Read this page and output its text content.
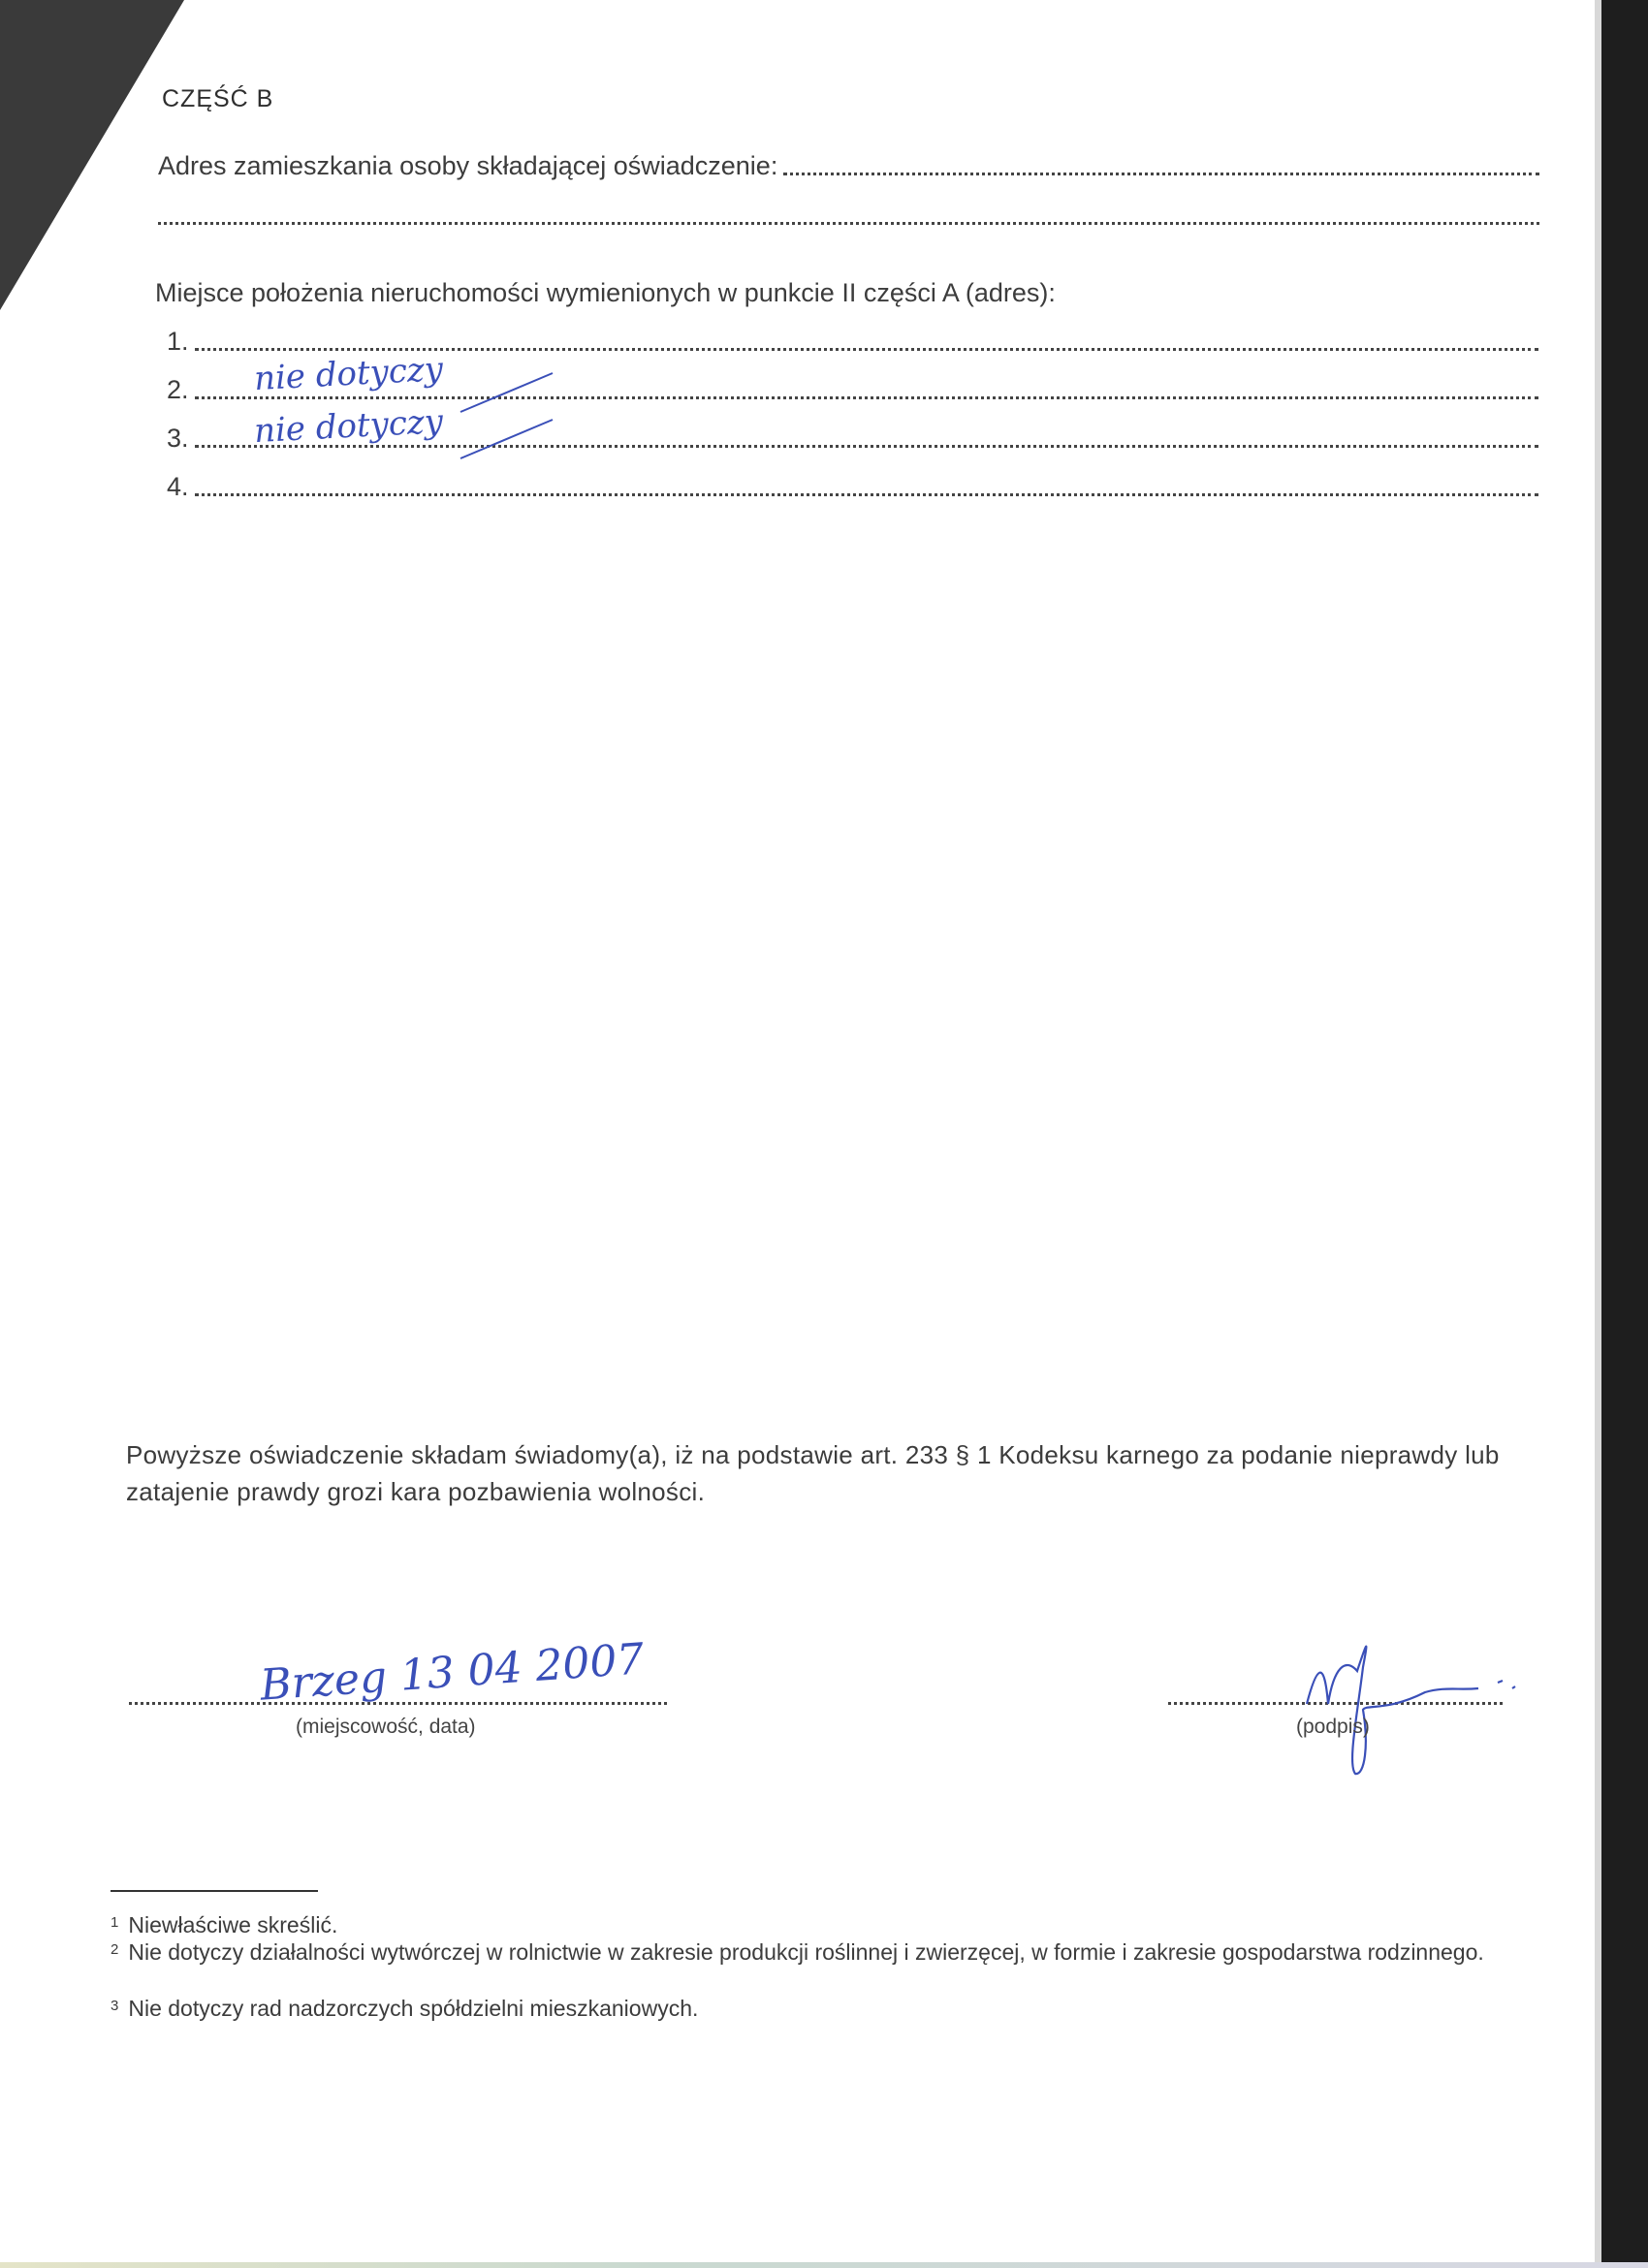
CZĘŚĆ B
Adres zamieszkania osoby składającej oświadczenie:
Miejsce położenia nieruchomości wymienionych w punkcie II części A (adres):
1.
2.
3.
4.
nie dotyczy
nie dotyczy
Powyższe oświadczenie składam świadomy(a), iż na podstawie art. 233 § 1 Kodeksu karnego za podanie nieprawdy lub zatajenie prawdy grozi kara pozbawienia wolności.
Brzeg 13 04 2007
(miejscowość, data)	(podpis)
$^1$ Niewłaściwe skreślić.
$^2$ Nie dotyczy działalności wytwórczej w rolnictwie w zakresie produkcji roślinnej i zwierzęcej, w formie i zakresie gospodarstwa rodzinnego.
$^3$ Nie dotyczy rad nadzorczych spółdzielni mieszkaniowych.
